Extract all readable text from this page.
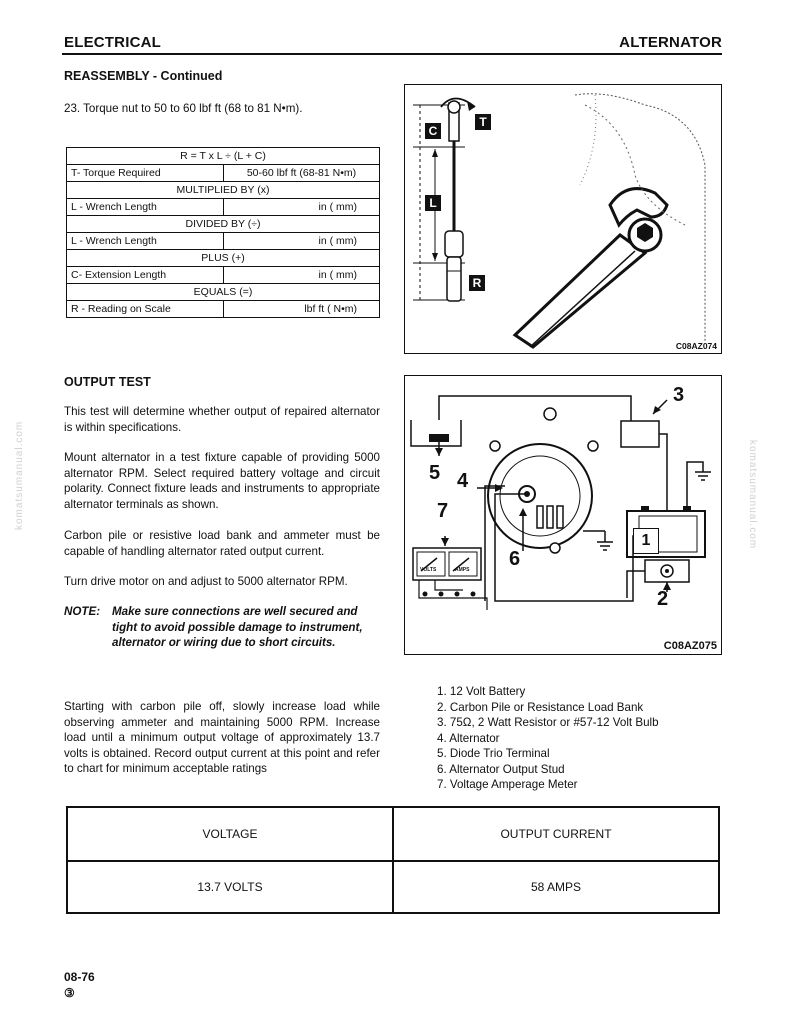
ELECTRICAL	ALTERNATOR
komatsumanual.com	komatsumanual.com
REASSEMBLY - Continued
23. Torque nut to 50 to 60 lbf ft (68 to 81 N•m).
R = T x L ÷ (L + C)	
T- Torque Required	50-60 lbf ft (68-81 N•m)
MULTIPLIED BY (x)	
L - Wrench Length	in ( mm)
DIVIDED BY (÷)	
L - Wrench Length	in ( mm)
PLUS (+)	
C- Extension Length	in ( mm)
EQUALS (=)	
R - Reading on Scale	lbf ft ( N•m)
C
T
L
R
C08AZ074
OUTPUT TEST
This test will determine whether output of repaired alternator is within specifications.
Mount alternator in a test fixture capable of providing 5000 alternator RPM. Select required battery voltage and circuit polarity. Connect fixture leads and instruments to appropriate alternator terminals as shown.
Carbon pile or resistive load bank and ammeter must be capable of handling alternator rated output current.
Turn drive motor on and adjust to 5000 alternator RPM.
NOTE: Make sure connections are well secured and tight to avoid possible damage to instrument, alternator or wiring due to short circuits.
Starting with carbon pile off, slowly increase load while observing ammeter and maintaining 5000 RPM. Increase load until a minimum output voltage of approximately 13.7 volts is obtained. Record output current at this point and refer to chart for minimum acceptable ratings
1
2
3
4
5
6
7
VOLTS	AMPS
C08AZ075
1. 12 Volt Battery
2. Carbon Pile or Resistance Load Bank
3. 75Ω, 2 Watt Resistor or #57-12 Volt Bulb
4. Alternator
5. Diode Trio Terminal
6. Alternator Output Stud
7. Voltage Amperage Meter
VOLTAGE	OUTPUT CURRENT
13.7 VOLTS	58 AMPS
08-76
③
